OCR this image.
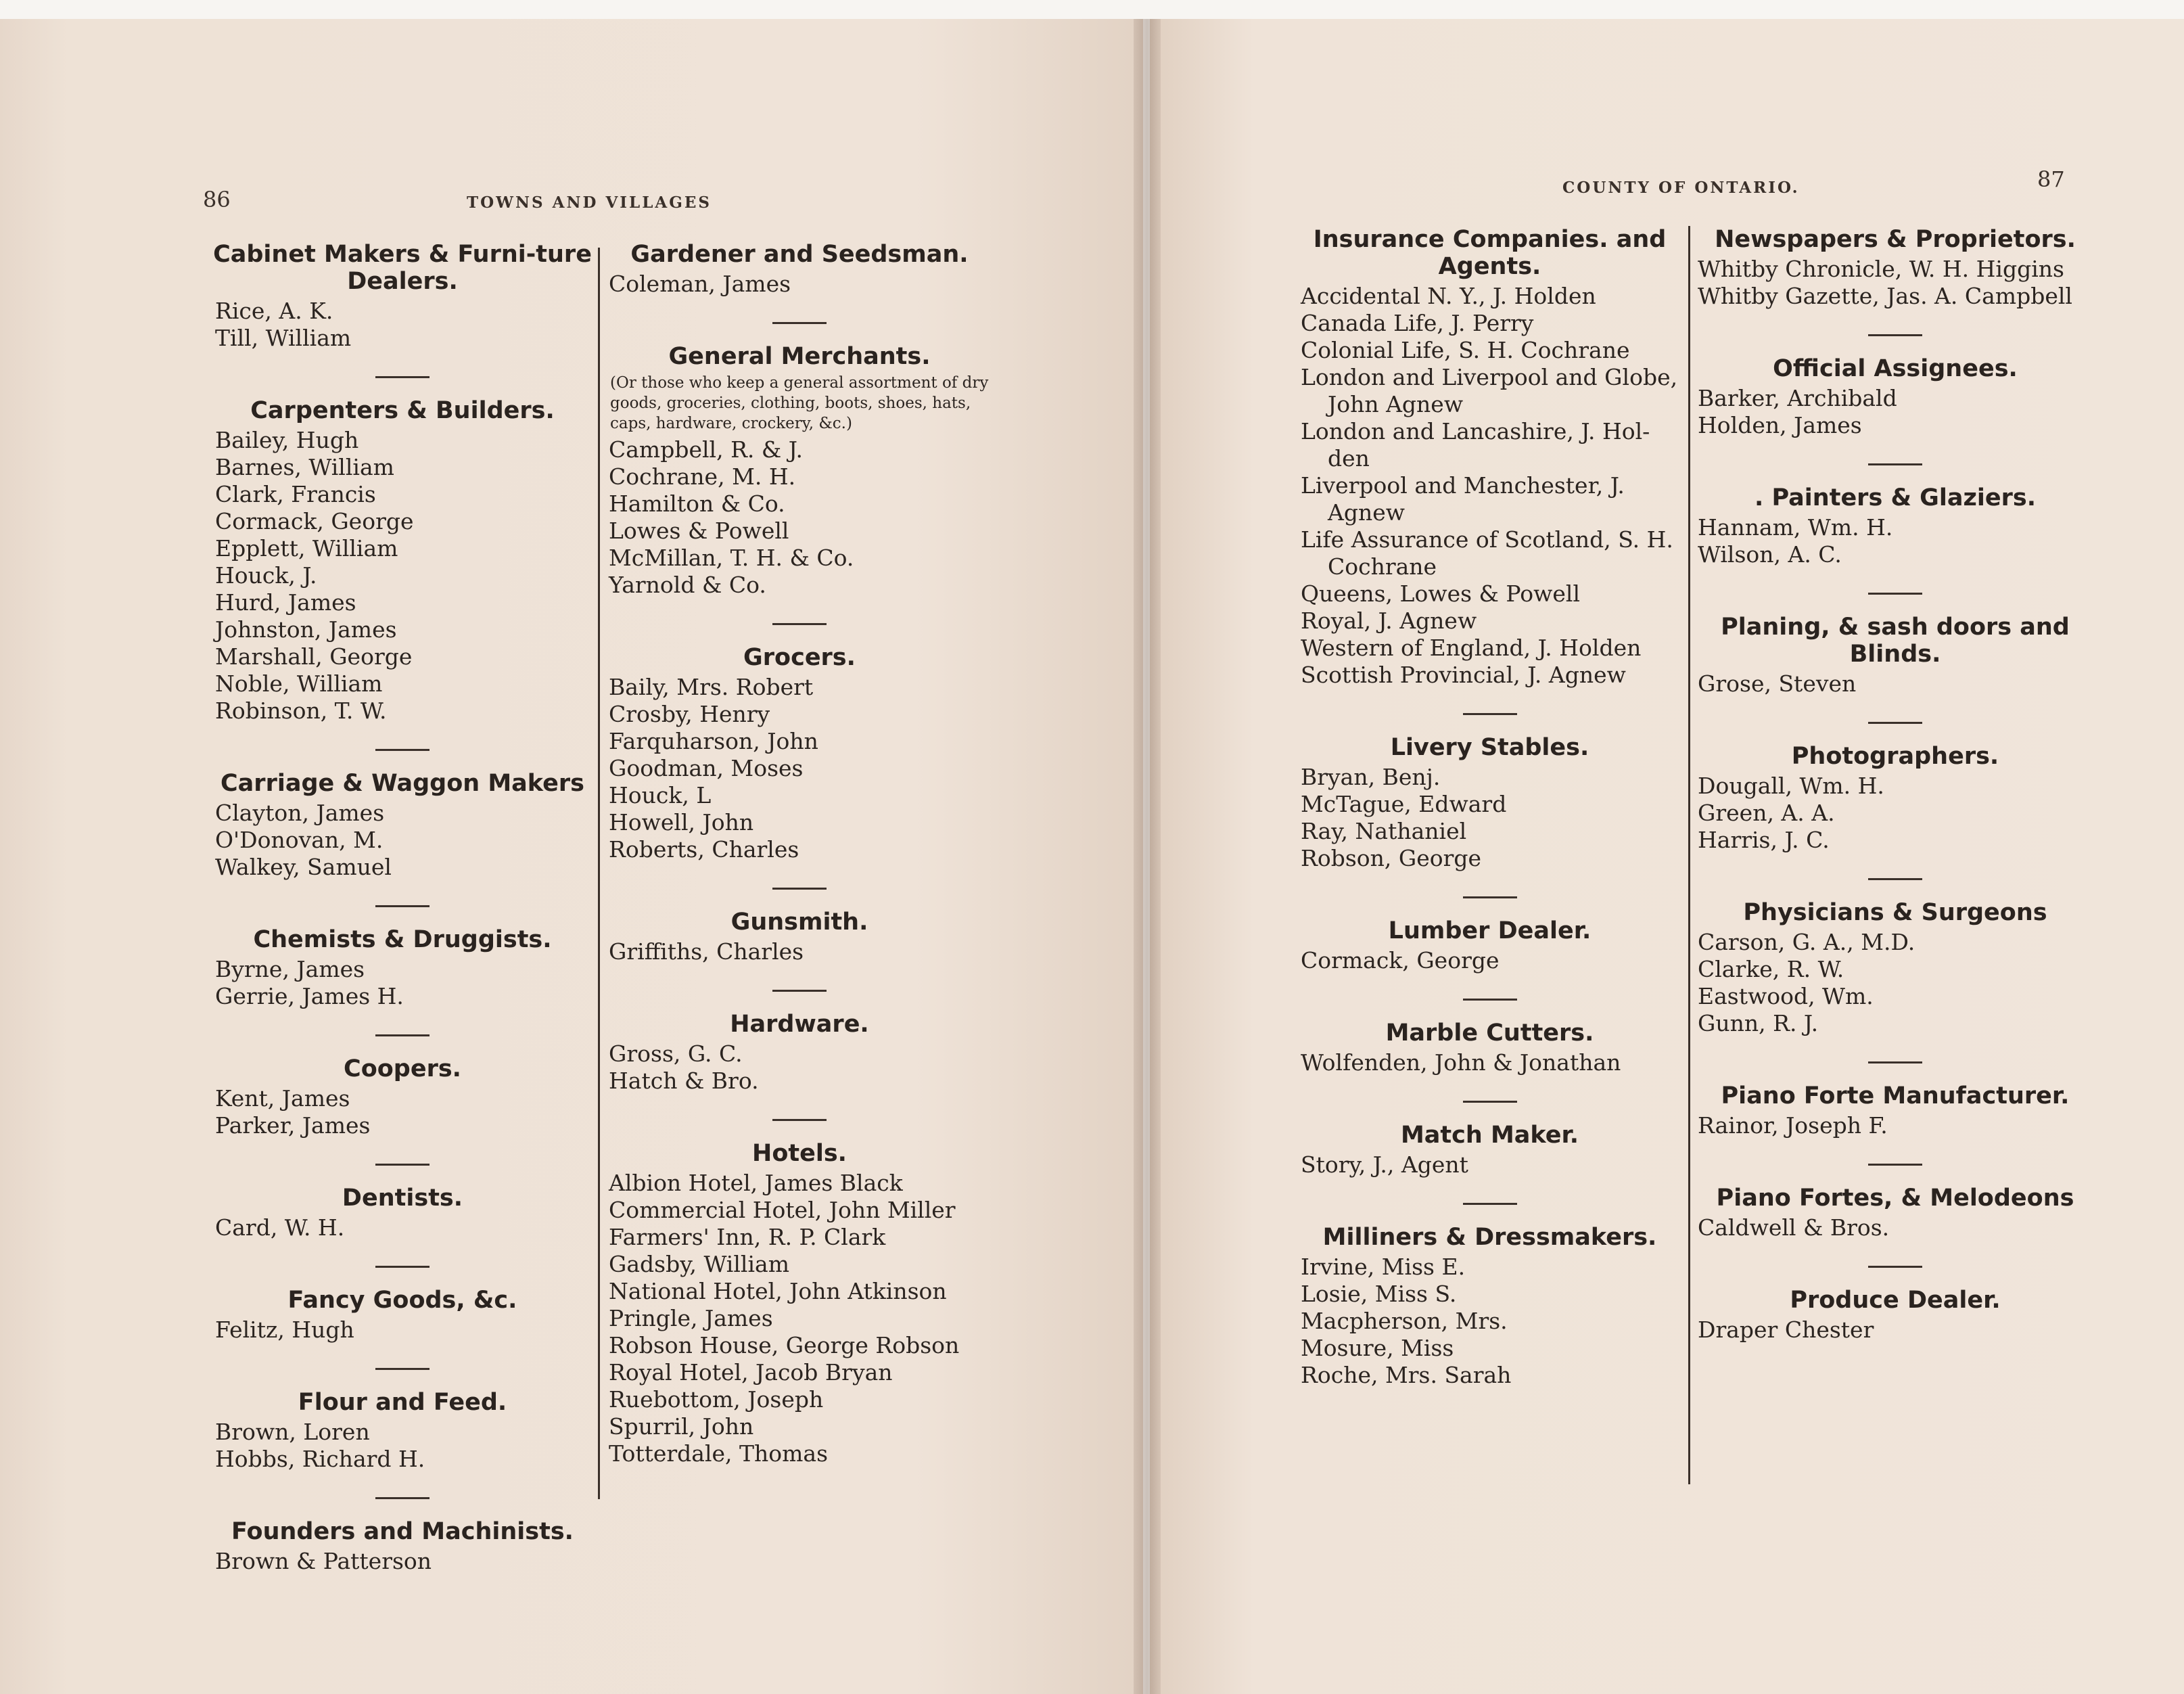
86	TOWNS AND VILLAGES
COUNTY OF ONTARIO.	87
Cabinet Makers & Furni-ture Dealers.
Rice, A. K.
Till, William
Carpenters & Builders.
Bailey, Hugh
Barnes, William
Clark, Francis
Cormack, George
Epplett, William
Houck, J.
Hurd, James
Johnston, James
Marshall, George
Noble, William
Robinson, T. W.
Carriage & Waggon Makers
Clayton, James
O'Donovan, M.
Walkey, Samuel
Chemists & Druggists.
Byrne, James
Gerrie, James H.
Coopers.
Kent, James
Parker, James
Dentists.
Card, W. H.
Fancy Goods, &c.
Felitz, Hugh
Flour and Feed.
Brown, Loren
Hobbs, Richard H.
Founders and Machinists.
Brown & Patterson
Gardener and Seedsman.
Coleman, James
General Merchants.
(Or those who keep a general assortment of dry goods, groceries, clothing, boots, shoes, hats, caps, hardware, crockery, &c.)
Campbell, R. & J.
Cochrane, M. H.
Hamilton & Co.
Lowes & Powell
McMillan, T. H. & Co.
Yarnold & Co.
Grocers.
Baily, Mrs. Robert
Crosby, Henry
Farquharson, John
Goodman, Moses
Houck, L
Howell, John
Roberts, Charles
Gunsmith.
Griffiths, Charles
Hardware.
Gross, G. C.
Hatch & Bro.
Hotels.
Albion Hotel, James Black
Commercial Hotel, John Miller
Farmers' Inn, R. P. Clark
Gadsby, William
National Hotel, John Atkinson
Pringle, James
Robson House, George Robson
Royal Hotel, Jacob Bryan
Ruebottom, Joseph
Spurril, John
Totterdale, Thomas
Insurance Companies. and Agents.
Accidental N. Y., J. Holden
Canada Life, J. Perry
Colonial Life, S. H. Cochrane
London and Liverpool and Globe,
John Agnew
London and Lancashire, J. Hol-
den
Liverpool and Manchester, J.
Agnew
Life Assurance of Scotland, S. H.
Cochrane
Queens, Lowes & Powell
Royal, J. Agnew
Western of England, J. Holden
Scottish Provincial, J. Agnew
Livery Stables.
Bryan, Benj.
McTague, Edward
Ray, Nathaniel
Robson, George
Lumber Dealer.
Cormack, George
Marble Cutters.
Wolfenden, John & Jonathan
Match Maker.
Story, J., Agent
Milliners & Dressmakers.
Irvine, Miss E.
Losie, Miss S.
Macpherson, Mrs.
Mosure, Miss
Roche, Mrs. Sarah
Newspapers & Proprietors.
Whitby Chronicle, W. H. Higgins
Whitby Gazette, Jas. A. Campbell
Official Assignees.
Barker, Archibald
Holden, James
. Painters & Glaziers.
Hannam, Wm. H.
Wilson, A. C.
Planing, & sash doors and Blinds.
Grose, Steven
Photographers.
Dougall, Wm. H.
Green, A. A.
Harris, J. C.
Physicians & Surgeons
Carson, G. A., M.D.
Clarke, R. W.
Eastwood, Wm.
Gunn, R. J.
Piano Forte Manufacturer.
Rainor, Joseph F.
Piano Fortes, & Melodeons
Caldwell & Bros.
Produce Dealer.
Draper Chester
